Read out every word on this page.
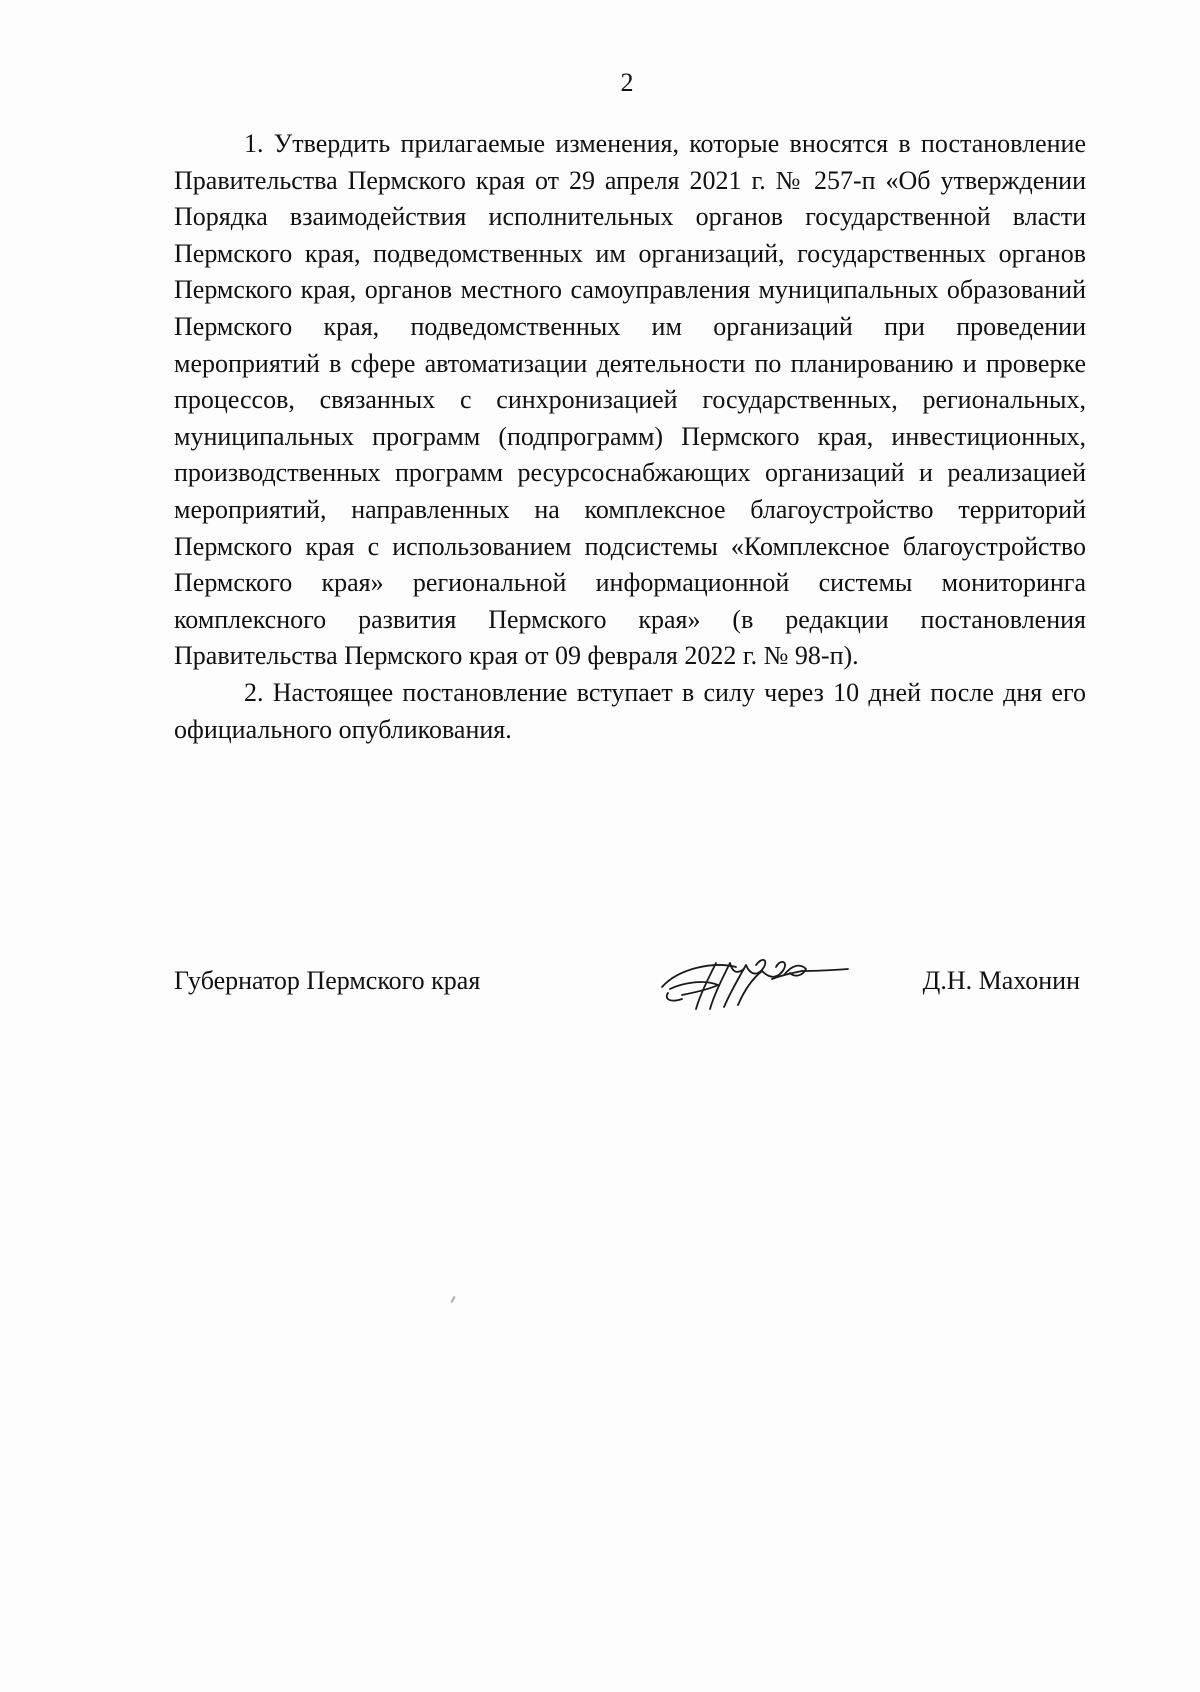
2

1. Утвердить прилагаемые изменения, которые вносятся в постановление Правительства Пермского края от 29 апреля 2021 г. № 257-п «Об утверждении Порядка взаимодействия исполнительных органов государственной власти Пермского края, подведомственных им организаций, государственных органов Пермского края, органов местного самоуправления муниципальных образований Пермского края, подведомственных им организаций при проведении мероприятий в сфере автоматизации деятельности по планированию и проверке процессов, связанных с синхронизацией государственных, региональных, муниципальных программ (подпрограмм) Пермского края, инвестиционных, производственных программ ресурсоснабжающих организаций и реализацией мероприятий, направленных на комплексное благоустройство территорий Пермского края с использованием подсистемы «Комплексное благоустройство Пермского края» региональной информационной системы мониторинга комплексного развития Пермского края» (в редакции постановления Правительства Пермского края от 09 февраля 2022 г. № 98-п).

2. Настоящее постановление вступает в силу через 10 дней после дня его официального опубликования.

Губернатор Пермского края	Д.Н. Махонин
